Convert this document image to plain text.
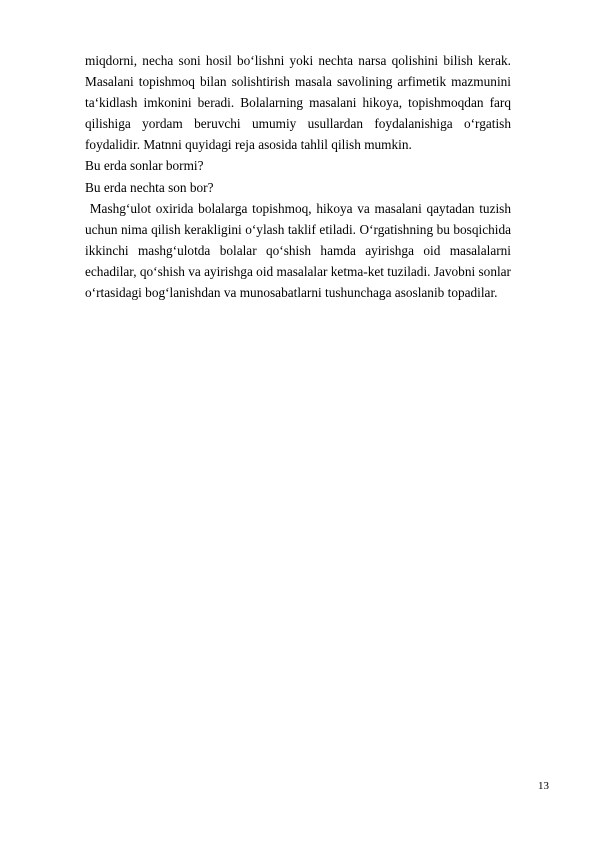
miqdorni, necha soni hosil bo‘lishni yoki nechta narsa qolishini bilish kerak. Masalani topishmoq bilan solishtirish masala savolining arfimetik mazmunini ta‘kidlash imkonini beradi. Bolalarning masalani hikoya, topishmoqdan farq qilishiga yordam beruvchi umumiy usullardan foydalanishiga o‘rgatish foydalidir. Matnni quyidagi reja asosida tahlil qilish mumkin.

Bu erda sonlar bormi?

Bu erda nechta son bor?

Mashg‘ulot oxirida bolalarga topishmoq, hikoya va masalani qaytadan tuzish uchun nima qilish kerakligini o‘ylash taklif etiladi. O‘rgatishning bu bosqichida ikkinchi mashg‘ulotda bolalar qo‘shish hamda ayirishga oid masalalarni echadilar, qo‘shish va ayirishga oid masalalar ketma-ket tuziladi. Javobni sonlar o‘rtasidagi bog‘lanishdan va munosabatlarni tushunchaga asoslanib topadilar.

13
